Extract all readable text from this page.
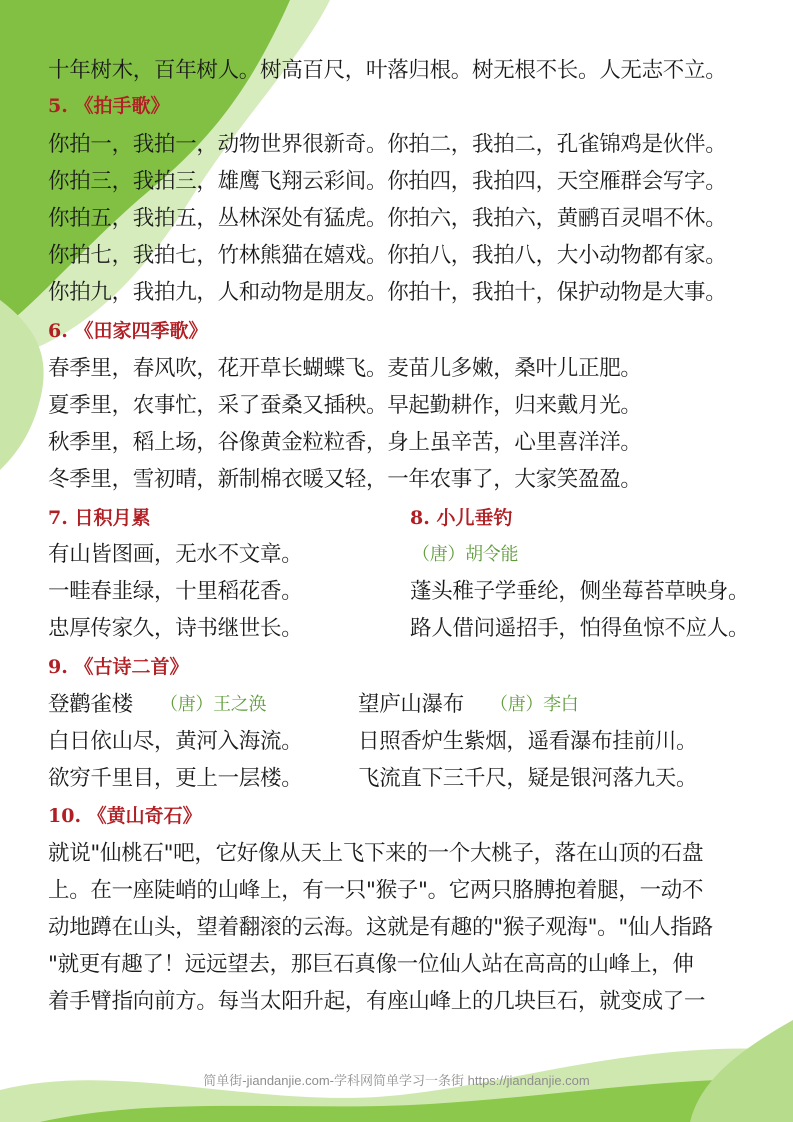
十年树木，百年树人。树高百尺，叶落归根。树无根不长。人无志不立。
5. 《拍手歌》
你拍一，我拍一，动物世界很新奇。你拍二，我拍二，孔雀锦鸡是伙伴。
你拍三，我拍三，雄鹰飞翔云彩间。你拍四，我拍四，天空雁群会写字。
你拍五，我拍五，丛林深处有猛虎。你拍六，我拍六，黄鹂百灵唱不休。
你拍七，我拍七，竹林熊猫在嬉戏。你拍八，我拍八，大小动物都有家。
你拍九，我拍九，人和动物是朋友。你拍十，我拍十，保护动物是大事。
6. 《田家四季歌》
春季里，春风吹，花开草长蝴蝶飞。麦苗儿多嫩，桑叶儿正肥。
夏季里，农事忙，采了蚕桑又插秧。早起勤耕作，归来戴月光。
秋季里，稻上场，谷像黄金粒粒香，身上虽辛苦，心里喜洋洋。
冬季里，雪初晴，新制棉衣暖又轻，一年农事了，大家笑盈盈。
7. 日积月累	8. 小儿垂钓
有山皆图画，无水不文章。	（唐）胡令能
一畦春韭绿，十里稻花香。	蓬头稚子学垂纶，侧坐莓苔草映身。
忠厚传家久，诗书继世长。	路人借问遥招手，怕得鱼惊不应人。
9. 《古诗二首》
登鹳雀楼 （唐）王之涣	望庐山瀑布 （唐）李白
白日依山尽，黄河入海流。	日照香炉生紫烟，遥看瀑布挂前川。
欲穷千里目，更上一层楼。	飞流直下三千尺，疑是银河落九天。
10. 《黄山奇石》
就说"仙桃石"吧，它好像从天上飞下来的一个大桃子，落在山顶的石盘
上。在一座陡峭的山峰上，有一只"猴子"。它两只胳膊抱着腿，一动不
动地蹲在山头，望着翻滚的云海。这就是有趣的"猴子观海"。"仙人指路
"就更有趣了！远远望去，那巨石真像一位仙人站在高高的山峰上，伸
着手臂指向前方。每当太阳升起，有座山峰上的几块巨石，就变成了一
简单街-jiandanjie.com-学科网简单学习一条街 https://jiandanjie.com
